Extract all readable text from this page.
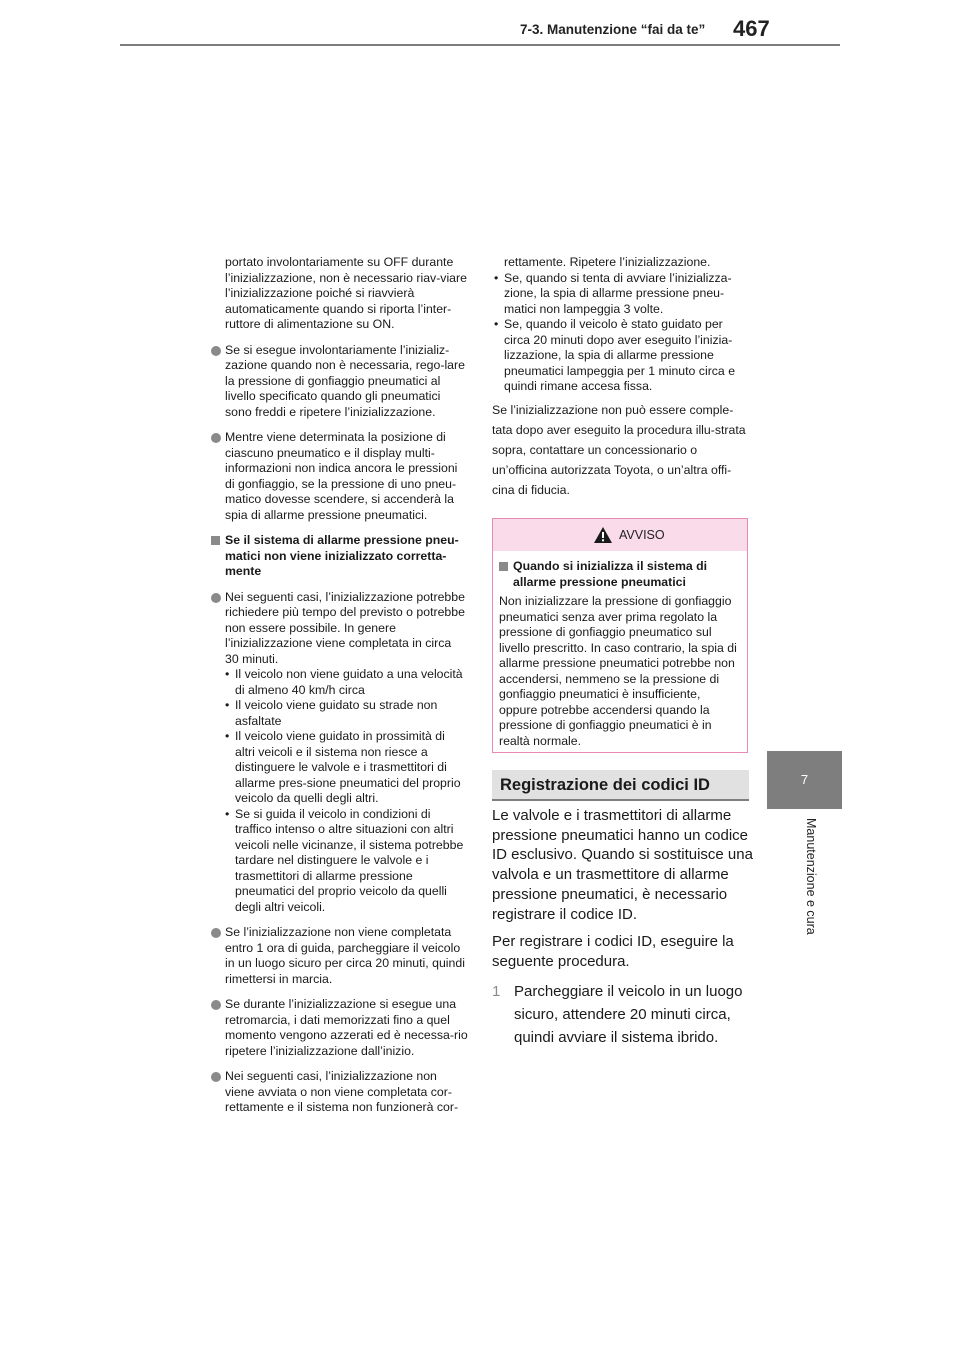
7-3. Manutenzione “fai da te” 467
7
Manutenzione e cura
portato involontariamente su OFF durante l’inizializzazione, non è necessario riav-viare l’inizializzazione poiché si riavvierà automaticamente quando si riporta l’inter-ruttore di alimentazione su ON.
Se si esegue involontariamente l’inizializ-zazione quando non è necessaria, rego-lare la pressione di gonfiaggio pneumatici al livello specificato quando gli pneumatici sono freddi e ripetere l’inizializzazione.
Mentre viene determinata la posizione di ciascuno pneumatico e il display multi-informazioni non indica ancora le pressioni di gonfiaggio, se la pressione di uno pneu-matico dovesse scendere, si accenderà la spia di allarme pressione pneumatici.
Se il sistema di allarme pressione pneu-matici non viene inizializzato corretta-mente
Nei seguenti casi, l’inizializzazione potrebbe richiedere più tempo del previsto o potrebbe non essere possibile. In genere l’inizializzazione viene completata in circa 30 minuti.
• Il veicolo non viene guidato a una velocità di almeno 40 km/h circa
• Il veicolo viene guidato su strade non asfaltate
• Il veicolo viene guidato in prossimità di altri veicoli e il sistema non riesce a distinguere le valvole e i trasmettitori di allarme pres-sione pneumatici del proprio veicolo da quelli degli altri.
• Se si guida il veicolo in condizioni di traffico intenso o altre situazioni con altri veicoli nelle vicinanze, il sistema potrebbe tardare nel distinguere le valvole e i trasmettitori di allarme pressione pneumatici del proprio veicolo da quelli degli altri veicoli.
Se l’inizializzazione non viene completata entro 1 ora di guida, parcheggiare il veicolo in un luogo sicuro per circa 20 minuti, quindi rimettersi in marcia.
Se durante l’inizializzazione si esegue una retromarcia, i dati memorizzati fino a quel momento vengono azzerati ed è necessa-rio ripetere l’inizializzazione dall’inizio.
Nei seguenti casi, l’inizializzazione non viene avviata o non viene completata cor-rettamente e il sistema non funzionerà cor-
rettamente. Ripetere l’inizializzazione.
• Se, quando si tenta di avviare l’inizializza-zione, la spia di allarme pressione pneu-matici non lampeggia 3 volte.
• Se, quando il veicolo è stato guidato per circa 20 minuti dopo aver eseguito l’inizia-lizzazione, la spia di allarme pressione pneumatici lampeggia per 1 minuto circa e quindi rimane accesa fissa.

Se l’inizializzazione non può essere comple-tata dopo aver eseguito la procedura illu-strata sopra, contattare un concessionario o un’officina autorizzata Toyota, o un’altra offi-cina di fiducia.

AVVISO
Quando si inizializza il sistema di allarme pressione pneumatici
Non inizializzare la pressione di gonfiaggio pneumatici senza aver prima regolato la pressione di gonfiaggio pneumatico sul livello prescritto. In caso contrario, la spia di allarme pressione pneumatici potrebbe non accendersi, nemmeno se la pressione di gonfiaggio pneumatici è insufficiente, oppure potrebbe accendersi quando la pressione di gonfiaggio pneumatici è in realtà normale.
Registrazione dei codici ID

Le valvole e i trasmettitori di allarme pressione pneumatici hanno un codice ID esclusivo. Quando si sostituisce una valvola e un trasmettitore di allarme pressione pneumatici, è necessario registrare il codice ID.

Per registrare i codici ID, eseguire la seguente procedura.

1 Parcheggiare il veicolo in un luogo sicuro, attendere 20 minuti circa, quindi avviare il sistema ibrido.
